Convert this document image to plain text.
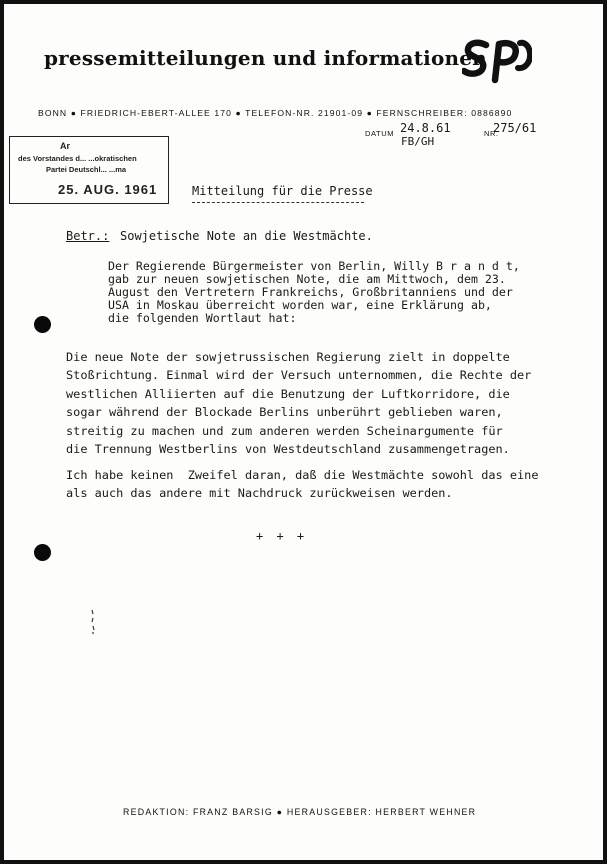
pressemitteilungen und informationen
BONN ● FRIEDRICH-EBERT-ALLEE 170 ● TELEFON-NR. 21901-09 ● FERNSCHREIBER: 0886890
DATUM 24.8.61
FB/GH
NR.
275/61
Ar
des Vorstandes d... ...okratischen
Partei Deutschl... ...ma
25. AUG. 1961	Mitteilung für die Presse
Betr.: Sowjetische Note an die Westmächte.
Der Regierende Bürgermeister von Berlin, Willy B r a n d t,
gab zur neuen sowjetischen Note, die am Mittwoch, dem 23.
August den Vertretern Frankreichs, Großbritanniens und der
USA in Moskau überreicht worden war, eine Erklärung ab,
die folgenden Wortlaut hat:
Die neue Note der sowjetrussischen Regierung zielt in doppelte
Stoßrichtung. Einmal wird der Versuch unternommen, die Rechte der
westlichen Alliierten auf die Benutzung der Luftkorridore, die
sogar während der Blockade Berlins unberührt geblieben waren,
streitig zu machen und zum anderen werden Scheinargumente für
die Trennung Westberlins von Westdeutschland zusammengetragen.
Ich habe keinen  Zweifel daran, daß die Westmächte sowohl das eine
als auch das andere mit Nachdruck zurückweisen werden.
+ + +
REDAKTION: FRANZ BARSIG ● HERAUSGEBER: HERBERT WEHNER
